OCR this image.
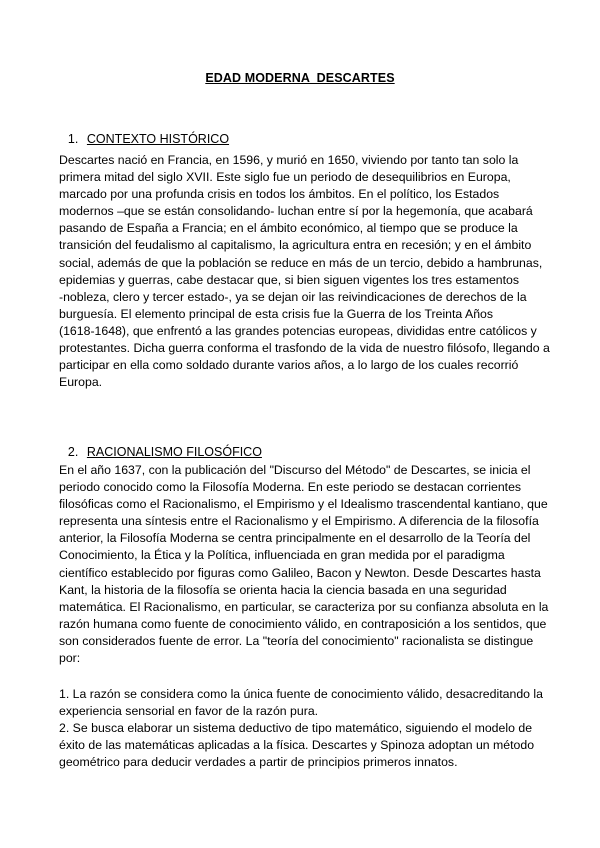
EDAD MODERNA  DESCARTES

1. CONTEXTO HISTÓRICO

Descartes nació en Francia, en 1596, y murió en 1650, viviendo por tanto tan solo la
primera mitad del siglo XVII. Este siglo fue un periodo de desequilibrios en Europa,
marcado por una profunda crisis en todos los ámbitos. En el político, los Estados
modernos –que se están consolidando- luchan entre sí por la hegemonía, que acabará
pasando de España a Francia; en el ámbito económico, al tiempo que se produce la
transición del feudalismo al capitalismo, la agricultura entra en recesión; y en el ámbito
social, además de que la población se reduce en más de un tercio, debido a hambrunas,
epidemias y guerras, cabe destacar que, si bien siguen vigentes los tres estamentos
-nobleza, clero y tercer estado-, ya se dejan oir las reivindicaciones de derechos de la
burguesía. El elemento principal de esta crisis fue la Guerra de los Treinta Años
(1618-1648), que enfrentó a las grandes potencias europeas, divididas entre católicos y
protestantes. Dicha guerra conforma el trasfondo de la vida de nuestro filósofo, llegando a
participar en ella como soldado durante varios años, a lo largo de los cuales recorrió
Europa.

2. RACIONALISMO FILOSÓFICO

En el año 1637, con la publicación del "Discurso del Método" de Descartes, se inicia el
periodo conocido como la Filosofía Moderna. En este periodo se destacan corrientes
filosóficas como el Racionalismo, el Empirismo y el Idealismo trascendental kantiano, que
representa una síntesis entre el Racionalismo y el Empirismo. A diferencia de la filosofía
anterior, la Filosofía Moderna se centra principalmente en el desarrollo de la Teoría del
Conocimiento, la Ética y la Política, influenciada en gran medida por el paradigma
científico establecido por figuras como Galileo, Bacon y Newton. Desde Descartes hasta
Kant, la historia de la filosofía se orienta hacia la ciencia basada en una seguridad
matemática. El Racionalismo, en particular, se caracteriza por su confianza absoluta en la
razón humana como fuente de conocimiento válido, en contraposición a los sentidos, que
son considerados fuente de error. La "teoría del conocimiento" racionalista se distingue
por:
1. La razón se considera como la única fuente de conocimiento válido, desacreditando la
experiencia sensorial en favor de la razón pura.
2. Se busca elaborar un sistema deductivo de tipo matemático, siguiendo el modelo de
éxito de las matemáticas aplicadas a la física. Descartes y Spinoza adoptan un método
geométrico para deducir verdades a partir de principios primeros innatos.
